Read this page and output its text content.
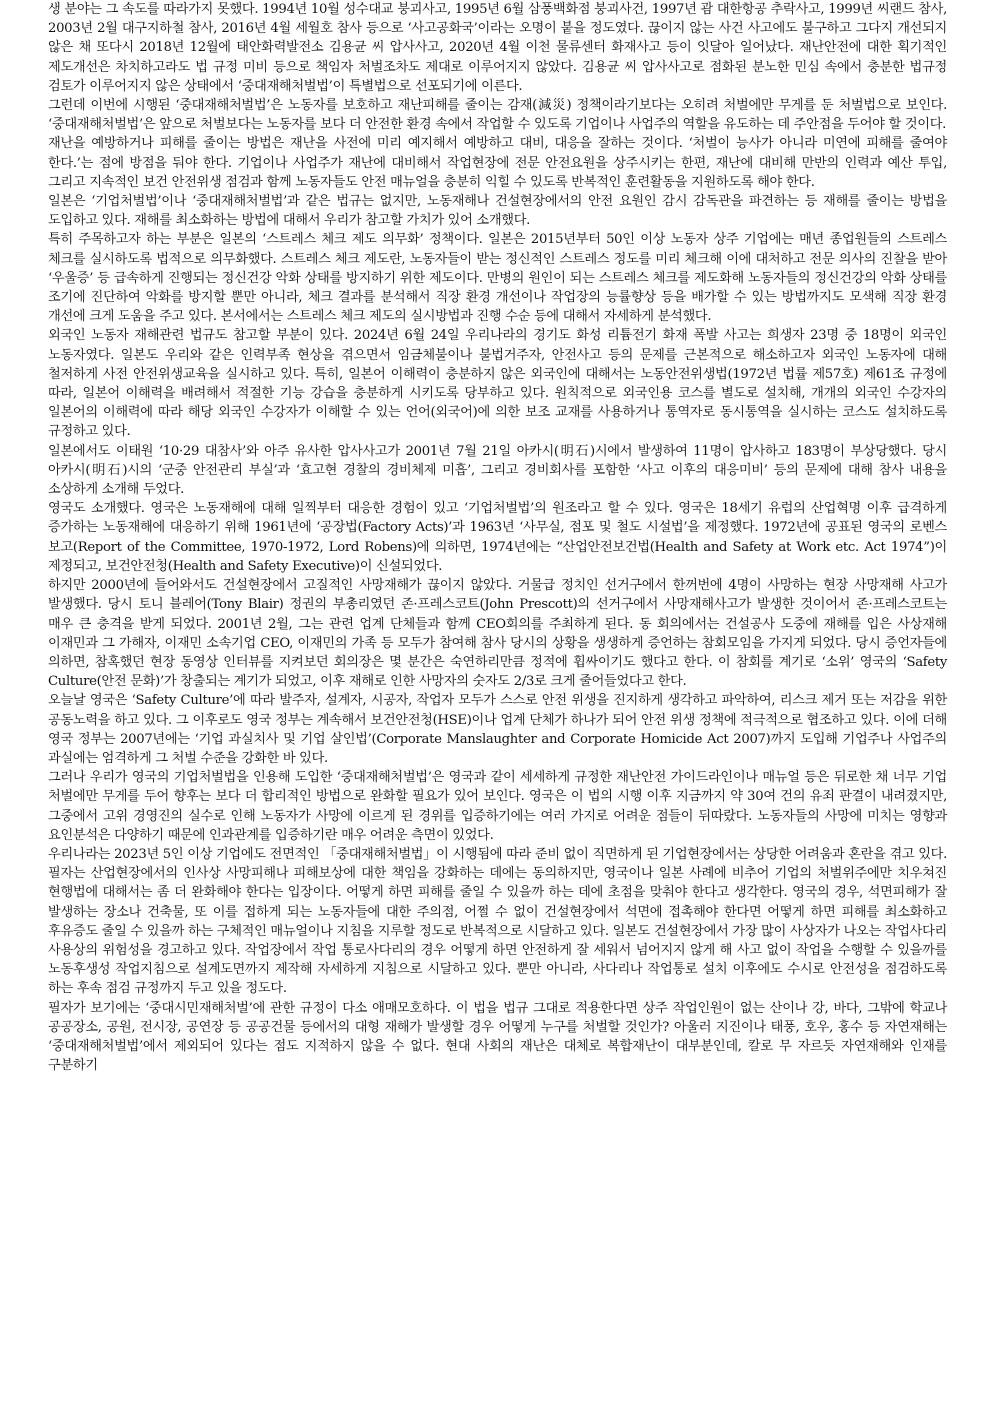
생 분야는 그 속도를 따라가지 못했다. 1994년 10월 성수대교 붕괴사고, 1995년 6월 삼풍백화점 붕괴사건, 1997년 괌 대한항공 추락사고, 1999년 씨랜드 참사, 2003년 2월 대구지하철 참사, 2016년 4월 세월호 참사 등으로 ‘사고공화국’이라는 오명이 붙을 정도였다. 끊이지 않는 사건 사고에도 불구하고 그다지 개선되지 않은 채 또다시 2018년 12월에 태안화력발전소 김용균 씨 압사사고, 2020년 4월 이천 물류센터 화재사고 등이 잇달아 일어났다. 재난안전에 대한 획기적인 제도개선은 차치하고라도 법 규정 미비 등으로 책임자 처벌조차도 제대로 이루어지지 않았다. 김용균 씨 압사사고로 점화된 분노한 민심 속에서 충분한 법규정 검토가 이루어지지 않은 상태에서 ‘중대재해처벌법’이 특별법으로 선포되기에 이른다.

그런데 이번에 시행된 ‘중대재해처벌법’은 노동자를 보호하고 재난피해를 줄이는 감재(減災) 정책이라기보다는 오히려 처벌에만 무게를 둔 처벌법으로 보인다. ‘중대재해처벌법’은 앞으로 처벌보다는 노동자를 보다 더 안전한 환경 속에서 작업할 수 있도록 기업이나 사업주의 역할을 유도하는 데 주안점을 두어야 할 것이다.

재난을 예방하거나 피해를 줄이는 방법은 재난을 사전에 미리 예지해서 예방하고 대비, 대응을 잘하는 것이다. ‘처벌이 능사가 아니라 미연에 피해를 줄여야 한다.’는 점에 방점을 둬야 한다. 기업이나 사업주가 재난에 대비해서 작업현장에 전문 안전요원을 상주시키는 한편, 재난에 대비해 만반의 인력과 예산 투입, 그리고 지속적인 보건 안전위생 점검과 함께 노동자들도 안전 매뉴얼을 충분히 익힐 수 있도록 반복적인 훈련활동을 지원하도록 해야 한다.

일본은 ‘기업처벌법’이나 ‘중대재해처벌법’과 같은 법규는 없지만, 노동재해나 건설현장에서의 안전 요원인 감시 감독관을 파견하는 등 재해를 줄이는 방법을 도입하고 있다. 재해를 최소화하는 방법에 대해서 우리가 참고할 가치가 있어 소개했다.

특히 주목하고자 하는 부분은 일본의 ‘스트레스 체크 제도 의무화’ 정책이다. 일본은 2015년부터 50인 이상 노동자 상주 기업에는 매년 종업원들의 스트레스 체크를 실시하도록 법적으로 의무화했다. 스트레스 체크 제도란, 노동자들이 받는 정신적인 스트레스 정도를 미리 체크해 이에 대처하고 전문 의사의 진찰을 받아 ‘우울증’ 등 급속하게 진행되는 정신건강 악화 상태를 방지하기 위한 제도이다. 만병의 원인이 되는 스트레스 체크를 제도화해 노동자들의 정신건강의 악화 상태를 조기에 진단하여 악화를 방지할 뿐만 아니라, 체크 결과를 분석해서 직장 환경 개선이나 작업장의 능률향상 등을 배가할 수 있는 방법까지도 모색해 직장 환경 개선에 크게 도움을 주고 있다. 본서에서는 스트레스 체크 제도의 실시방법과 진행 수순 등에 대해서 자세하게 분석했다.

외국인 노동자 재해관련 법규도 참고할 부분이 있다. 2024년 6월 24일 우리나라의 경기도 화성 리튬전기 화재 폭발 사고는 희생자 23명 중 18명이 외국인 노동자였다. 일본도 우리와 같은 인력부족 현상을 겪으면서 임금체불이나 불법거주자, 안전사고 등의 문제를 근본적으로 해소하고자 외국인 노동자에 대해 철저하게 사전 안전위생교육을 실시하고 있다. 특히, 일본어 이해력이 충분하지 않은 외국인에 대해서는 노동안전위생법(1972년 법률 제57호) 제61조 규정에 따라, 일본어 이해력을 배려해서 적절한 기능 강습을 충분하게 시키도록 당부하고 있다. 원칙적으로 외국인용 코스를 별도로 설치해, 개개의 외국인 수강자의 일본어의 이해력에 따라 해당 외국인 수강자가 이해할 수 있는 언어(외국어)에 의한 보조 교재를 사용하거나 통역자로 동시통역을 실시하는 코스도 설치하도록 규정하고 있다.

일본에서도 이태원 ‘10·29 대참사’와 아주 유사한 압사사고가 2001년 7월 21일 아카시(明石)시에서 발생하여 11명이 압사하고 183명이 부상당했다. 당시 아카시(明石)시의 ‘군중 안전관리 부실’과 ‘효고현 경찰의 경비체제 미흡’, 그리고 경비회사를 포함한 ‘사고 이후의 대응미비’ 등의 문제에 대해 참사 내용을 소상하게 소개해 두었다.

영국도 소개했다. 영국은 노동재해에 대해 일찍부터 대응한 경험이 있고 ‘기업처벌법’의 원조라고 할 수 있다. 영국은 18세기 유럽의 산업혁명 이후 급격하게 증가하는 노동재해에 대응하기 위해 1961년에 ‘공장법(Factory Acts)’과 1963년 ‘사무실, 점포 및 철도 시설법’을 제정했다. 1972년에 공표된 영국의 로벤스 보고(Report of the Committee, 1970-1972, Lord Robens)에 의하면, 1974년에는 “산업안전보건법(Health and Safety at Work etc. Act 1974”)이 제정되고, 보건안전청(Health and Safety Executive)이 신설되었다.

하지만 2000년에 들어와서도 건설현장에서 고질적인 사망재해가 끊이지 않았다. 거물급 정치인 선거구에서 한꺼번에 4명이 사망하는 현장 사망재해 사고가 발생했다. 당시 토니 블레어(Tony Blair) 정권의 부총리였던 존·프레스코트(John Prescott)의 선거구에서 사망재해사고가 발생한 것이어서 존·프레스코트는 매우 큰 충격을 받게 되었다. 2001년 2월, 그는 관련 업계 단체들과 함께 CEO회의를 주최하게 된다. 동 회의에서는 건설공사 도중에 재해를 입은 사상재해 이재민과 그 가해자, 이재민 소속기업 CEO, 이재민의 가족 등 모두가 참여해 참사 당시의 상황을 생생하게 증언하는 참회모임을 가지게 되었다. 당시 증언자들에 의하면, 참혹했던 현장 동영상 인터뷰를 지켜보던 회의장은 몇 분간은 숙연하리만큼 정적에 휩싸이기도 했다고 한다. 이 참회를 계기로 ‘소위’ 영국의 ‘Safety Culture(안전 문화)’가 창출되는 계기가 되었고, 이후 재해로 인한 사망자의 숫자도 2/3로 크게 줄어들었다고 한다.

오늘날 영국은 ‘Safety Culture’에 따라 발주자, 설계자, 시공자, 작업자 모두가 스스로 안전 위생을 진지하게 생각하고 파악하여, 리스크 제거 또는 저감을 위한 공동노력을 하고 있다. 그 이후로도 영국 정부는 계속해서 보건안전청(HSE)이나 업계 단체가 하나가 되어 안전 위생 정책에 적극적으로 협조하고 있다. 이에 더해 영국 정부는 2007년에는 ‘기업 과실치사 및 기업 살인법’(Corporate Manslaughter and Corporate Homicide Act 2007)까지 도입해 기업주나 사업주의 과실에는 엄격하게 그 처벌 수준을 강화한 바 있다.

그러나 우리가 영국의 기업처벌법을 인용해 도입한 ‘중대재해처벌법’은 영국과 같이 세세하게 규정한 재난안전 가이드라인이나 매뉴얼 등은 뒤로한 채 너무 기업 처벌에만 무게를 두어 향후는 보다 더 합리적인 방법으로 완화할 필요가 있어 보인다. 영국은 이 법의 시행 이후 지금까지 약 30여 건의 유죄 판결이 내려졌지만, 그중에서 고위 경영진의 실수로 인해 노동자가 사망에 이르게 된 경위를 입증하기에는 여러 가지로 어려운 점들이 뒤따랐다. 노동자들의 사망에 미치는 영향과 요인분석은 다양하기 때문에 인과관계를 입증하기란 매우 어려운 측면이 있었다.

우리나라는 2023년 5인 이상 기업에도 전면적인 「중대재해처벌법」이 시행됨에 따라 준비 없이 직면하게 된 기업현장에서는 상당한 어려움과 혼란을 겪고 있다. 필자는 산업현장에서의 인사상 사망피해나 피해보상에 대한 책임을 강화하는 데에는 동의하지만, 영국이나 일본 사례에 비추어 기업의 처벌위주에만 치우쳐진 현행법에 대해서는 좀 더 완화해야 한다는 입장이다. 어떻게 하면 피해를 줄일 수 있을까 하는 데에 초점을 맞춰야 한다고 생각한다. 영국의 경우, 석면피해가 잘 발생하는 장소나 건축물, 또 이를 접하게 되는 노동자들에 대한 주의점, 어쩔 수 없이 건설현장에서 석면에 접촉해야 한다면 어떻게 하면 피해를 최소화하고 후유증도 줄일 수 있을까 하는 구체적인 매뉴얼이나 지침을 지루할 정도로 반복적으로 시달하고 있다. 일본도 건설현장에서 가장 많이 사상자가 나오는 작업사다리 사용상의 위험성을 경고하고 있다. 작업장에서 작업 통로사다리의 경우 어떻게 하면 안전하게 잘 세워서 넘어지지 않게 해 사고 없이 작업을 수행할 수 있을까를 노동후생성 작업지침으로 설계도면까지 제작해 자세하게 지침으로 시달하고 있다. 뿐만 아니라, 사다리나 작업통로 설치 이후에도 수시로 안전성을 점검하도록 하는 후속 점검 규정까지 두고 있을 정도다.

필자가 보기에는 ‘중대시민재해처벌’에 관한 규정이 다소 애매모호하다. 이 법을 법규 그대로 적용한다면 상주 작업인원이 없는 산이나 강, 바다, 그밖에 학교나 공공장소, 공원, 전시장, 공연장 등 공공건물 등에서의 대형 재해가 발생할 경우 어떻게 누구를 처벌할 것인가? 아울러 지진이나 태풍, 호우, 홍수 등 자연재해는 ‘중대재해처벌법’에서 제외되어 있다는 점도 지적하지 않을 수 없다. 현대 사회의 재난은 대체로 복합재난이 대부분인데, 칼로 무 자르듯 자연재해와 인재를 구분하기
